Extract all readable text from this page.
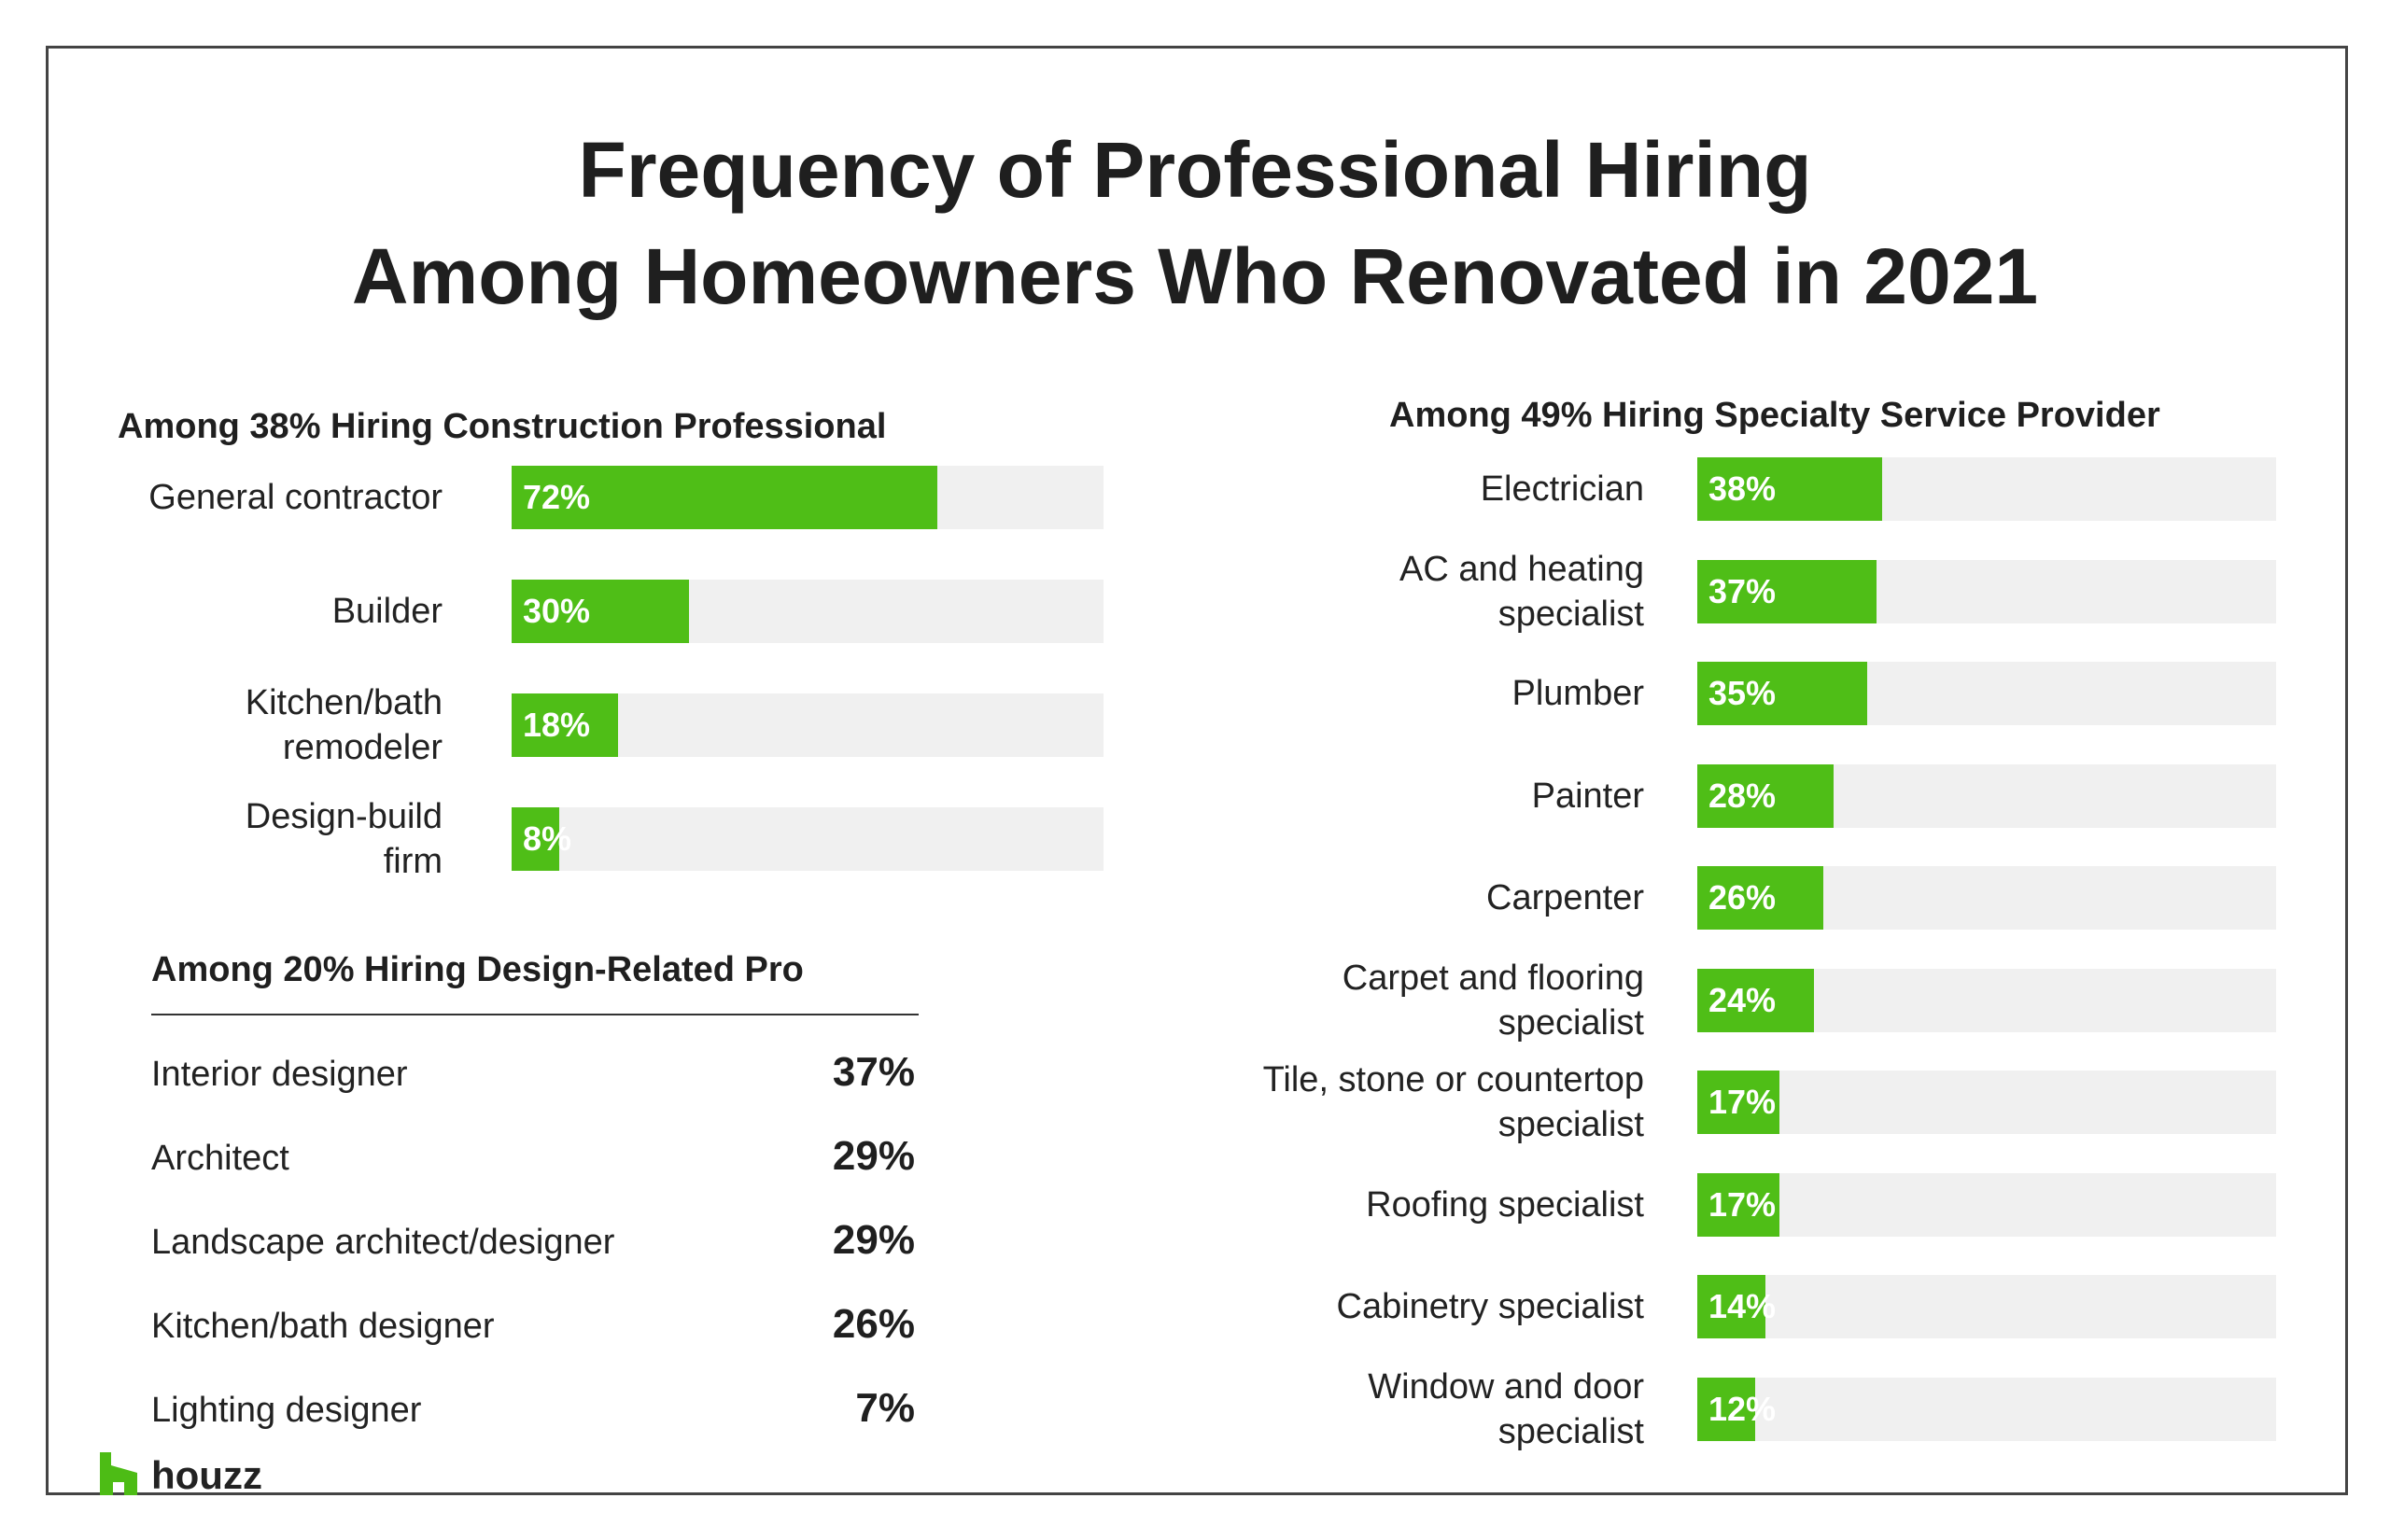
Frequency of Professional Hiring
Among Homeowners Who Renovated in 2021
Among 38% Hiring Construction Professional
General contractor 72%
Builder 30%
Kitchen/bath
remodeler
18%
Design-build
firm
8%
Among 20% Hiring Design-Related Pro
Interior designer	37%
Architect	29%
Landscape architect/designer	29%
Kitchen/bath designer	26%
Lighting designer	7%
Among 49% Hiring Specialty Service Provider
Electrician 38%
AC and heating
specialist
37%
Plumber 35%
Painter 28%
Carpenter 26%
Carpet and flooring
specialist
24%
Tile, stone or countertop
specialist
17%
Roofing specialist 17%
Cabinetry specialist 14%
Window and door
specialist
12%
houzz
